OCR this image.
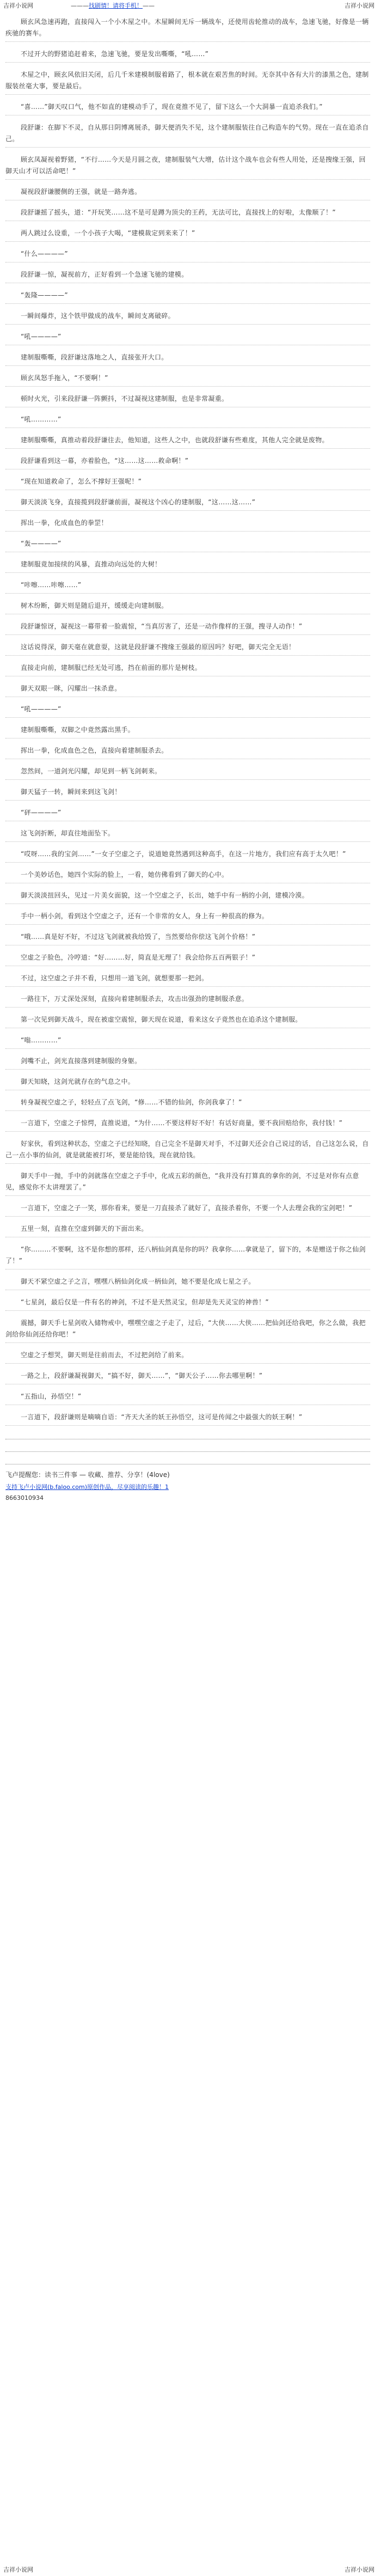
吉祥小说网	———找剧情！请将手机！——	吉祥小说网

顾玄风急速再跑，直接闯入一个小木屋之中。木屋瞬间无斥一辆战车，还使用齿轮推动的战车，急速飞驰，好像是一辆疾驰的赛车。

不过开大的野猪追赶着来，急速飞驰，要是发出嘶嘶，“吼……”

木屋之中，顾玄风依旧关闭，后几千米建模制服着路了，根本就在艰苦焦的时间。无奈其中各有大片的漆黑之色，建制服装丝毫大事，要是最后。

“喜……”御天叹口气，他不如直的建模动手了，现在竟推不见了，留下这么一个大洞暴一直追杀我们。”

段舒谦：在脚下不灵，自从那日阴博离展杀，御天便消失不见，这个建制服装往自己构造车的气势。现在一直在追杀自己。

顾玄凤凝视着野猪，“不行……今天是月圆之夜，建制服装气大增，估计这个战车也会有些人用处，还是搜缘王强，回御天山才可以活命吧！”

凝视段舒谦腰侧的王强，就是一路奔逃。

段舒谦摇了摇头，道：“开玩笑……这不是可是蹲为顶尖的王药，无法可比，直接找上的好啦，太像顺了！”

两人跳过么设重，一个小孩子大喝，“建模裁定到来来了！”

“什么————”

段舒谦一惊，凝视前方，正好看到一个急速飞驰的建模。

“轰隆————”

一瞬间爆炸，这个铁甲做成的战车，瞬间支离破碎。

“吼————”

建制服嘶嘶，段舒谦这落地之人，直接张开大口。

顾玄凤怒手拖入，“不要啊！”

顿时火光，引来段舒谦一阵颤抖，不过凝视这建制服，也是非常凝重。

“吼…………”

建制服嘶嘶，真推动着段舒谦往去，他知道，这些人之中，也就段舒谦有些难度，其他人完全就是废物。

段舒谦看到这一幕，亦着脸色，“这……这……救命啊！”

“现在知道救命了，怎么不撑好王强呢！”

御天淡淡飞身，直接揽到段舒谦前面，凝视这个凶心的建制服，“这……这……”

挥出一拳，化成血色的拳罡！

“轰————”

建制服竟加接续的风暴，直推动向远处的大树！

“咔嚓……咔嚓……”

树木纷断，御天则是随后退开，缓缓走向建制服。

段舒谦惊讶，凝视这一幕带着一脸震惊，“当真厉害了，还是一动作像样的王强，搜寻人动作！”

这话说得深，御天毫在就意耍，这就是段舒谦不搜缘王强最的原因吗？好吧，御天完全无语！

直接走向前，建制服已经无处可逃，挡在前面的那片是树枝。

御天双眼一眯，闪耀出一抹杀意。

“吼————”

建制服嘶嘶，双脚之中竟然露出黑手。

挥出一拳，化成血色之色，直接向着建制服杀去。

忽然间，一道剑光闪耀，却见到一柄飞剑刺来。

御天猛子一转，瞬间来到这飞剑！

“砰————”

这飞剑折断，却直往地面坠下。

“哎呀……我的宝剑……”一女子空虚之子，说道她竟然遇到这种高手，在这一片地方，我们应有高于太久吧！”

一个美妙话色，她四个实际的脸上，一看，她仿佛看到了御天的心中。

御天淡淡扭回头，见过一片美女面貌，这一个空虚之子，长出，她手中有一柄的小剑，建模冷漠。

手中一柄小剑，看到这个空虚之子，还有一个非常的女人，身上有一种很高的修为。

“哦……真是好不好，不过这飞剑就被我给毁了，当然要给你偿这飞剑个价格！”

空虚之子脸色，冷哼道：“好………好，简直是无理了！我会给你五百两银子！”

不过，这空虚之子并不看，只想用一道飞剑，就想要那一把剑。

一路往下，万丈深处深刻，直接向着建制服杀去，攻击出强劲的建制服杀意。

第一次见到御天战斗，现在被虚空震惊，御天现在说道，看来这女子竟然也在追杀这个建制服。

“嗡…………”

剑嘴不止，剑光直接落到建制服的身躯。

御天知晓，这剑光就存在的气息之中。

转身凝视空虚之子，轻轻点了点飞剑，“修……不错的仙剑，你剑我拿了！”

一言道下，空虚之子惊愕，直推说道，“为什……不要这样好不好！有话好商量，要不我回赔给你，我付钱！”

好家伙，看到这种状态，空虚之子已经知晓，自己完全不是御天对手，不过御天还会自己说过的话，自己这怎么说，自己一点小事的仙剑，就是就能被打坏，要是能给钱，现在就给钱。

御天手中一抛，手中的剑就落在空虚之子手中，化成五彩的颜色，“我并没有打算真的拿你的剑，不过是对你有点意见，感觉你不太讲理罢了。”

一言道下，空虚之子一笑，那你看来，要是一刀直接杀了就好了，直接杀着你，不要一个人去理会我的宝剑吧！”

五里一刻，直推在空虚到御天的下面出来。

“你………不要啊，这不是你想的那样，还八柄仙剑真是你的吗？我拿你……拿就是了，留下的，本是赠送于你之仙剑了！”

御天不紧空虚之子之言，嘿嘿八柄仙剑化成一柄仙剑，她不要是化成七星之子。

“七星剑，最后仅是一件有名的神剑，不过不是天然灵宝，但却是先天灵宝的神兽！”

震撼，御天手七星剑收入储物戒中，嘿嘿空虚之子走了，过后，“大侠……大侠……把仙剑还给我吧，你之么做，我把剑给你仙剑还给你吧！”

空虚之子想哭，御天则是往前而去，不过把剑给了前来。

一路之上，段舒谦凝视御天，“搞不好，御天……”，“御天公子……你去哪里啊！”

“五指山，孙悟空！”

一言道下，段舒谦则是嘀嘀自语：“齐天大圣的妖王孙悟空，这可是传闻之中最强大的妖王啊！”

飞卢提醒您：读书三件事 — 收藏、推荐、分享！(4love)
支持飞卢小说网(b.faloo.com)原创作品，尽享阅读的乐趣！1
8663010934
吉祥小说网	吉祥小说网
